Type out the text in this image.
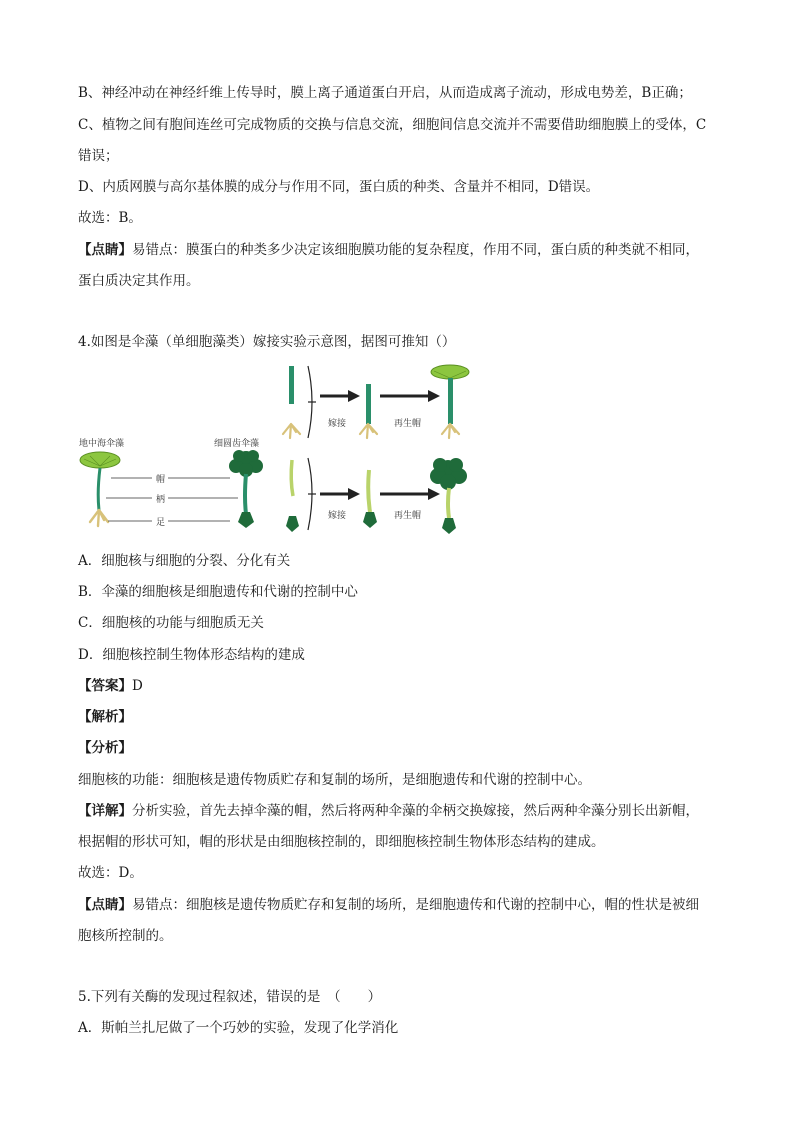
B、神经冲动在神经纤维上传导时，膜上离子通道蛋白开启，从而造成离子流动，形成电势差，B正确；
C、植物之间有胞间连丝可完成物质的交换与信息交流，细胞间信息交流并不需要借助细胞膜上的受体，C
错误；
D、内质网膜与高尔基体膜的成分与作用不同，蛋白质的种类、含量并不相同，D错误。
故选：B。
【点睛】易错点：膜蛋白的种类多少决定该细胞膜功能的复杂程度，作用不同，蛋白质的种类就不相同，
蛋白质决定其作用。
4.如图是伞藻（单细胞藻类）嫁接实验示意图，据图可推知（）
地中海伞藻
帽
柄
足
细圆齿伞藻
嫁接	再生帽
嫁接	再生帽
A．细胞核与细胞的分裂、分化有关
B．伞藻的细胞核是细胞遗传和代谢的控制中心
C．细胞核的功能与细胞质无关
D．细胞核控制生物体形态结构的建成
【答案】D
【解析】
【分析】
细胞核的功能：细胞核是遗传物质贮存和复制的场所，是细胞遗传和代谢的控制中心。
【详解】分析实验，首先去掉伞藻的帽，然后将两种伞藻的伞柄交换嫁接，然后两种伞藻分别长出新帽，
根据帽的形状可知，帽的形状是由细胞核控制的，即细胞核控制生物体形态结构的建成。
故选：D。
【点睛】易错点：细胞核是遗传物质贮存和复制的场所，是细胞遗传和代谢的控制中心，帽的性状是被细
胞核所控制的。
5.下列有关酶的发现过程叙述，错误的是　（　　）
A．斯帕兰扎尼做了一个巧妙的实验，发现了化学消化
